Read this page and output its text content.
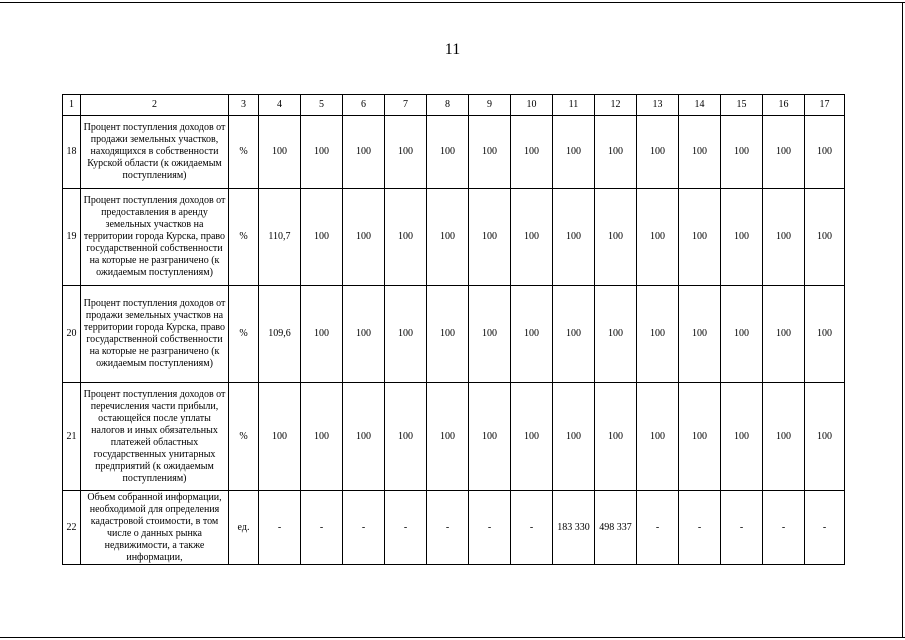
11
1	2	3	4	5	6	7	8	9	10	11	12	13	14	15	16	17
18	Процент поступления доходов от продажи земельных участков, находящихся в собственности Курской области (к ожидаемым поступлениям)	%	100	100	100	100	100	100	100	100	100	100	100	100	100	100
19	Процент поступления доходов от предоставления в аренду земельных участков на территории города Курска, право государственной собственности на которые не разграничено (к ожидаемым поступлениям)	%	110,7	100	100	100	100	100	100	100	100	100	100	100	100	100
20	Процент поступления доходов от продажи земельных участков на территории города Курска, право государственной собственности на которые не разграничено (к ожидаемым поступлениям)	%	109,6	100	100	100	100	100	100	100	100	100	100	100	100	100
21	Процент поступления доходов от перечисления части прибыли, остающейся после уплаты налогов и иных обязательных платежей областных государственных унитарных предприятий (к ожидаемым поступлениям)	%	100	100	100	100	100	100	100	100	100	100	100	100	100	100
22	Объем собранной информации, необходимой для определения кадастровой стоимости, в том числе о данных рынка недвижимости, а также информации,	ед.	-	-	-	-	-	-	-	183 330	498 337	-	-	-	-	-
